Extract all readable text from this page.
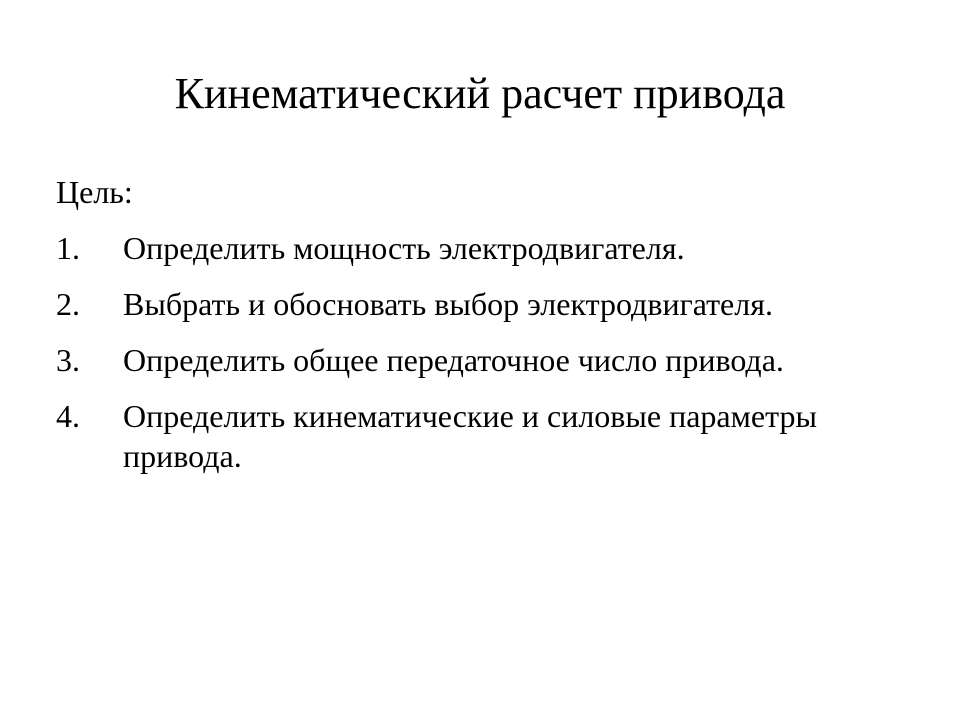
Кинематический расчет привода
Цель:
1.	Определить мощность электродвигателя.
2.	Выбрать и обосновать выбор электродвигателя.
3.	Определить общее передаточное число привода.
4.	Определить кинематические и силовые параметры привода.
